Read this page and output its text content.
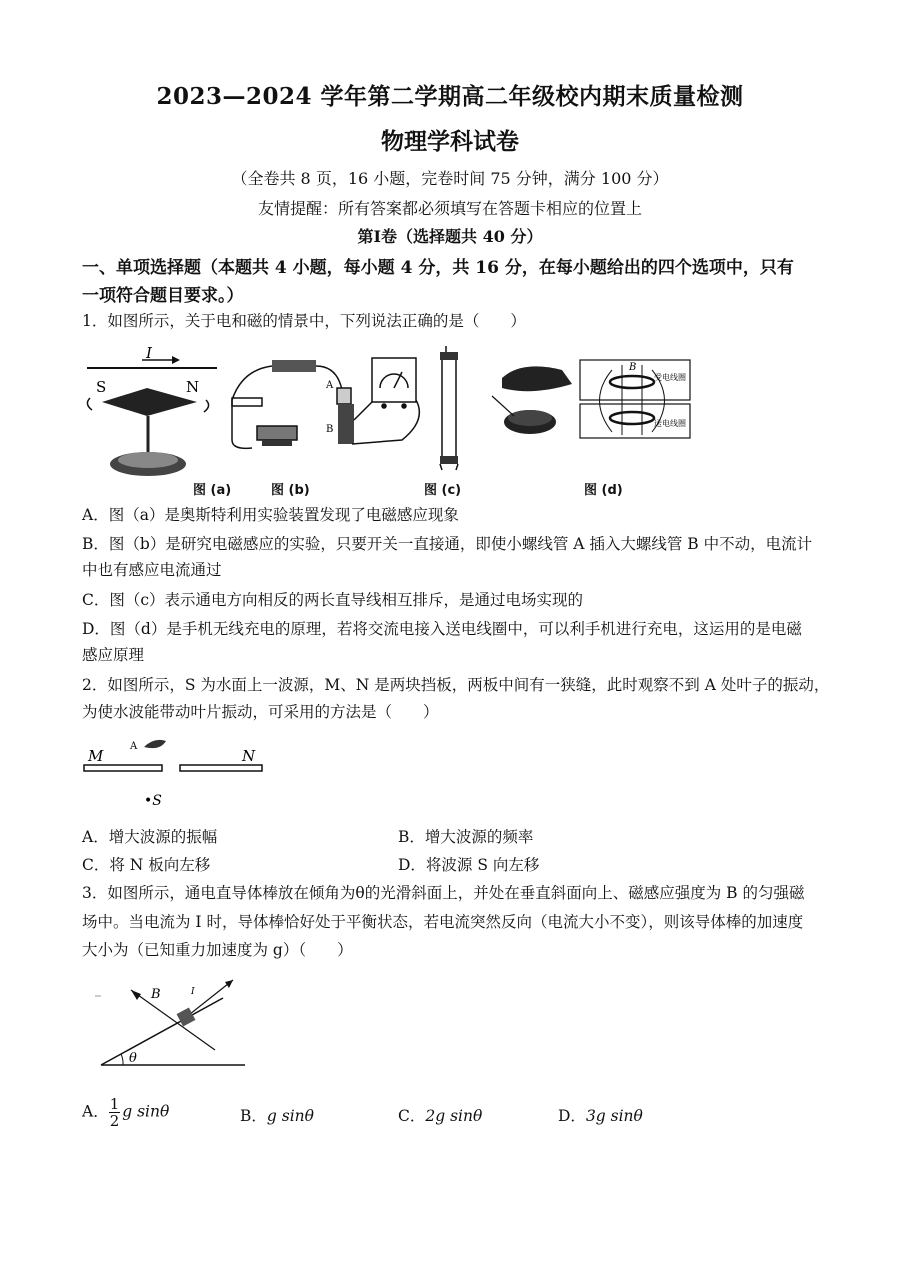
2023—2024 学年第二学期高二年级校内期末质量检测
物理学科试卷
（全卷共 8 页，16 小题，完卷时间 75 分钟，满分 100 分）
友情提醒：所有答案都必须填写在答题卡相应的位置上
第Ⅰ卷（选择题共 40 分）
一、单项选择题（本题共 4 小题，每小题 4 分，共 16 分，在每小题给出的四个选项中，只有
一项符合题目要求。）
1．如图所示，关于电和磁的情景中，下列说法正确的是（　　）
I
S	N	A
B
B
受电线圈
送电线圈
图 (a)	图 (b)	图 (c)	图 (d)
A．图（a）是奥斯特利用实验装置发现了电磁感应现象
B．图（b）是研究电磁感应的实验，只要开关一直接通，即使小螺线管 A 插入大螺线管 B 中不动，电流计
中也有感应电流通过
C．图（c）表示通电方向相反的两长直导线相互排斥，是通过电场实现的
D．图（d）是手机无线充电的原理，若将交流电接入送电线圈中，可以利手机进行充电，这运用的是电磁
感应原理
2．如图所示，S 为水面上一波源，M、N 是两块挡板，两板中间有一狭缝，此时观察不到 A 处叶子的振动，
为使水波能带动叶片振动，可采用的方法是（　　）
M	N
A
•S
A．增大波源的振幅	B．增大波源的频率
C．将 N 板向左移	D．将波源 S 向左移
3．如图所示，通电直导体棒放在倾角为θ的光滑斜面上，并处在垂直斜面向上、磁感应强度为 B 的匀强磁
场中。当电流为 I 时，导体棒恰好处于平衡状态，若电流突然反向（电流大小不变），则该导体棒的加速度
大小为（已知重力加速度为 g）（　　）
B	I
θ
A． $\frac{1}{2}$ g sinθ	B．g sinθ	C．2g sinθ	D．3g sinθ
